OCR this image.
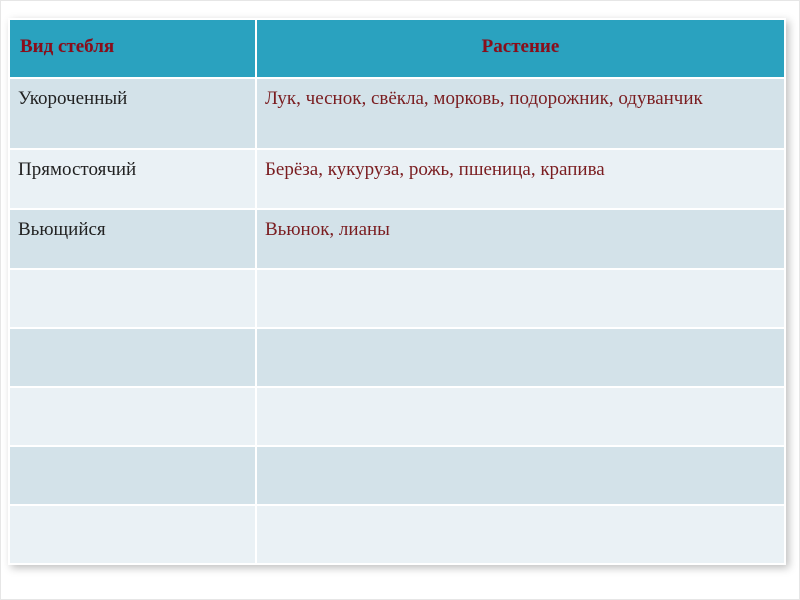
Вид стебля	Растение
Укороченный	Лук, чеснок, свёкла, морковь, подорожник, одуванчик
Прямостоячий	Берёза, кукуруза, рожь, пшеница, крапива
Вьющийся	Вьюнок, лианы
